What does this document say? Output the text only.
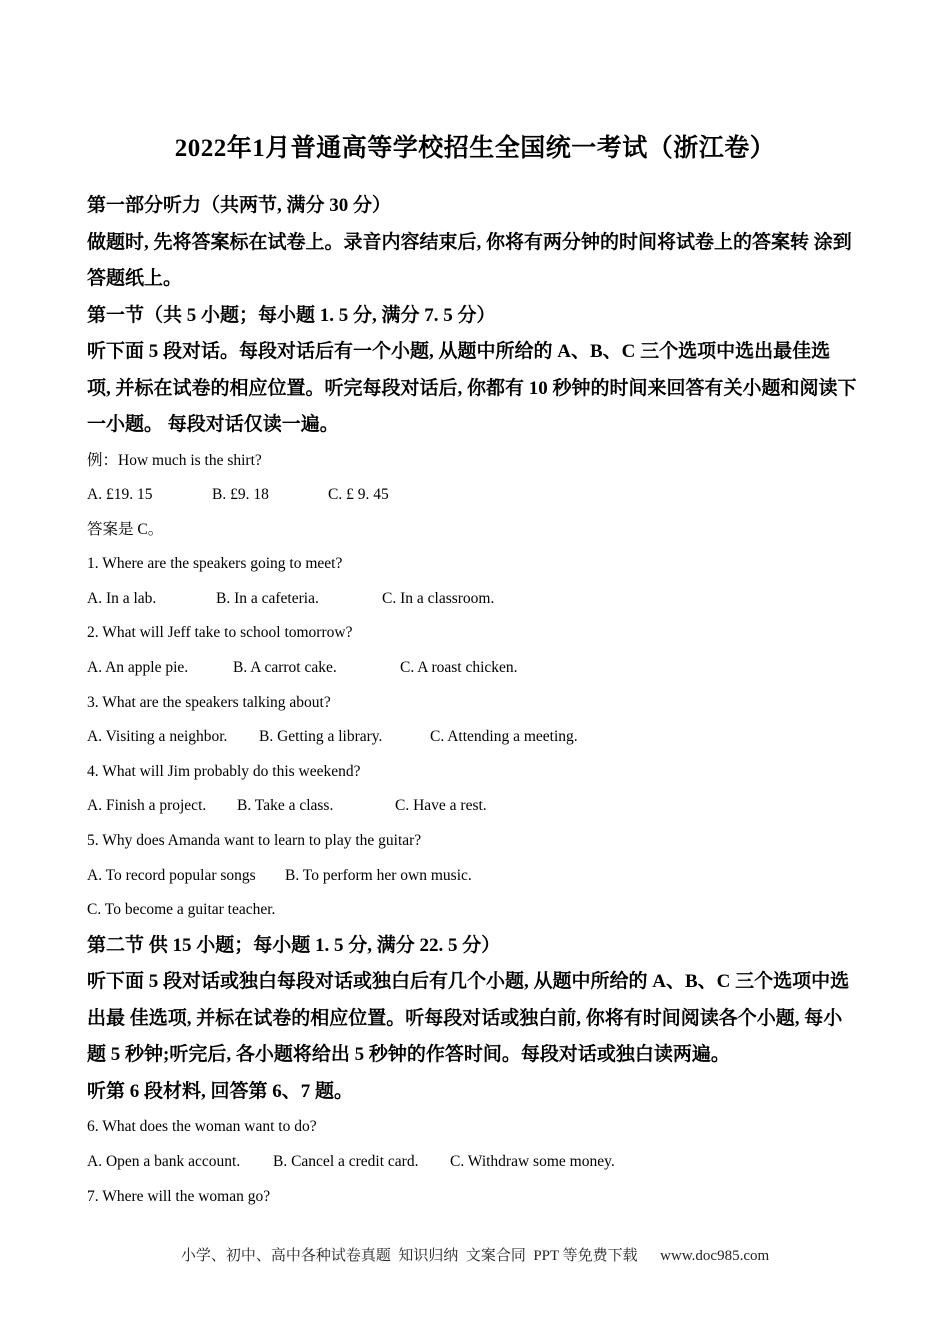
2022年1月普通高等学校招生全国统一考试（浙江卷）

第一部分听力（共两节, 满分 30 分）

做题时, 先将答案标在试卷上。录音内容结束后, 你将有两分钟的时间将试卷上的答案转 涂到

答题纸上。

第一节（共 5 小题；每小题 1. 5 分, 满分 7. 5 分）

听下面 5 段对话。每段对话后有一个小题, 从题中所给的 A、B、C 三个选项中选出最佳选

项, 并标在试卷的相应位置。听完每段对话后, 你都有 10 秒钟的时间来回答有关小题和阅读下

一小题。 每段对话仅读一遍。

例：How much is the shirt?

A. £19. 15	B. £9. 18	C. £ 9. 45

答案是 C。

1. Where are the speakers going to meet?

A. In a lab.	B. In a cafeteria.	C. In a classroom.

2. What will Jeff take to school tomorrow?

A. An apple pie.	B. A carrot cake.	C. A roast chicken.

3. What are the speakers talking about?

A. Visiting a neighbor. B. Getting a library.	C. Attending a meeting.

4. What will Jim probably do this weekend?

A. Finish a project. B. Take a class.	C. Have a rest.

5. Why does Amanda want to learn to play the guitar?

A. To record popular songs B. To perform her own music.

C. To become a guitar teacher.

第二节 供 15 小题；每小题 1. 5 分, 满分 22. 5 分）

听下面 5 段对话或独白每段对话或独白后有几个小题, 从题中所给的 A、B、C 三个选项中选

出最 佳选项, 并标在试卷的相应位置。听每段对话或独白前, 你将有时间阅读各个小题, 每小

题 5 秒钟;听完后, 各小题将给出 5 秒钟的作答时间。每段对话或独白读两遍。

听第 6 段材料, 回答第 6、7 题。

6. What does the woman want to do?

A. Open a bank account. B. Cancel a credit card. C. Withdraw some money.

7. Where will the woman go?

小学、初中、高中各种试卷真题  知识归纳  文案合同  PPT 等免费下载 www.doc985.com
